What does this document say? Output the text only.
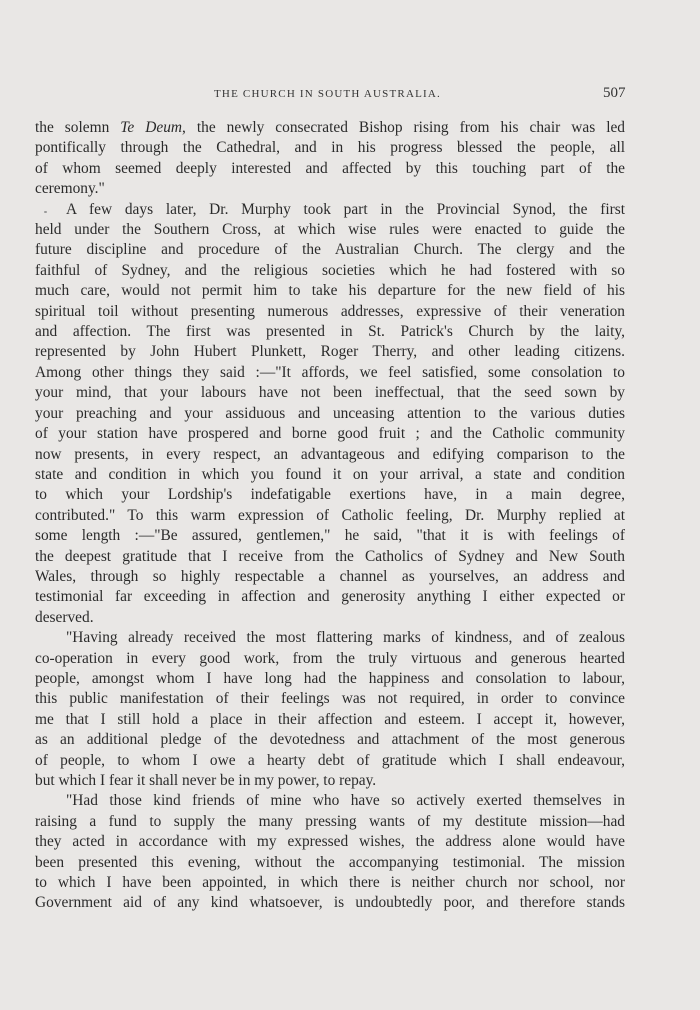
THE CHURCH IN SOUTH AUSTRALIA.	507

the solemn Te Deum, the newly consecrated Bishop rising from his chair was led

pontifically through the Cathedral, and in his progress blessed the people, all

of whom seemed deeply interested and affected by this touching part of the

ceremony."

A few days later, Dr. Murphy took part in the Provincial Synod, the first

held under the Southern Cross, at which wise rules were enacted to guide the

future discipline and procedure of the Australian Church. The clergy and the

faithful of Sydney, and the religious societies which he had fostered with so

much care, would not permit him to take his departure for the new field of his

spiritual toil without presenting numerous addresses, expressive of their veneration

and affection. The first was presented in St. Patrick's Church by the laity,

represented by John Hubert Plunkett, Roger Therry, and other leading citizens.

Among other things they said :—"It affords, we feel satisfied, some consolation to

your mind, that your labours have not been ineffectual, that the seed sown by

your preaching and your assiduous and unceasing attention to the various duties

of your station have prospered and borne good fruit ; and the Catholic community

now presents, in every respect, an advantageous and edifying comparison to the

state and condition in which you found it on your arrival, a state and condition

to which your Lordship's indefatigable exertions have, in a main degree,

contributed." To this warm expression of Catholic feeling, Dr. Murphy replied at

some length :—"Be assured, gentlemen," he said, "that it is with feelings of

the deepest gratitude that I receive from the Catholics of Sydney and New South

Wales, through so highly respectable a channel as yourselves, an address and

testimonial far exceeding in affection and generosity anything I either expected or

deserved.

"Having already received the most flattering marks of kindness, and of zealous

co-operation in every good work, from the truly virtuous and generous hearted

people, amongst whom I have long had the happiness and consolation to labour,

this public manifestation of their feelings was not required, in order to convince

me that I still hold a place in their affection and esteem. I accept it, however,

as an additional pledge of the devotedness and attachment of the most generous

of people, to whom I owe a hearty debt of gratitude which I shall endeavour,

but which I fear it shall never be in my power, to repay.

"Had those kind friends of mine who have so actively exerted themselves in

raising a fund to supply the many pressing wants of my destitute mission—had

they acted in accordance with my expressed wishes, the address alone would have

been presented this evening, without the accompanying testimonial. The mission

to which I have been appointed, in which there is neither church nor school, nor

Government aid of any kind whatsoever, is undoubtedly poor, and therefore stands
